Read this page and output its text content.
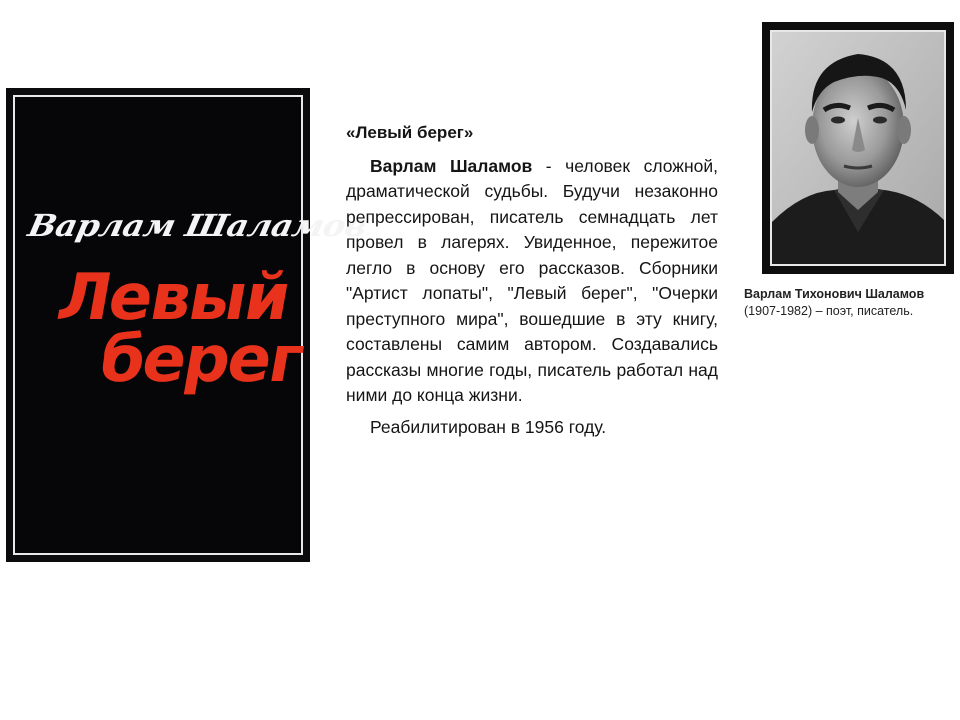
Варлам Шаламов
Левый
берег
«Левый берег»

Варлам Шаламов - человек сложной, драматической судьбы. Будучи незаконно репрессирован, писатель семнадцать лет провел в лагерях. Увиденное, пережитое легло в основу его рассказов. Сборники "Артист лопаты", "Левый берег", "Очерки преступного мира", вошедшие в эту книгу, составлены самим автором. Создавались рассказы многие годы, писатель работал над ними до конца жизни.

Реабилитирован в 1956 году.

Варлам Тихонович Шаламов
(1907-1982) – поэт, писатель.
